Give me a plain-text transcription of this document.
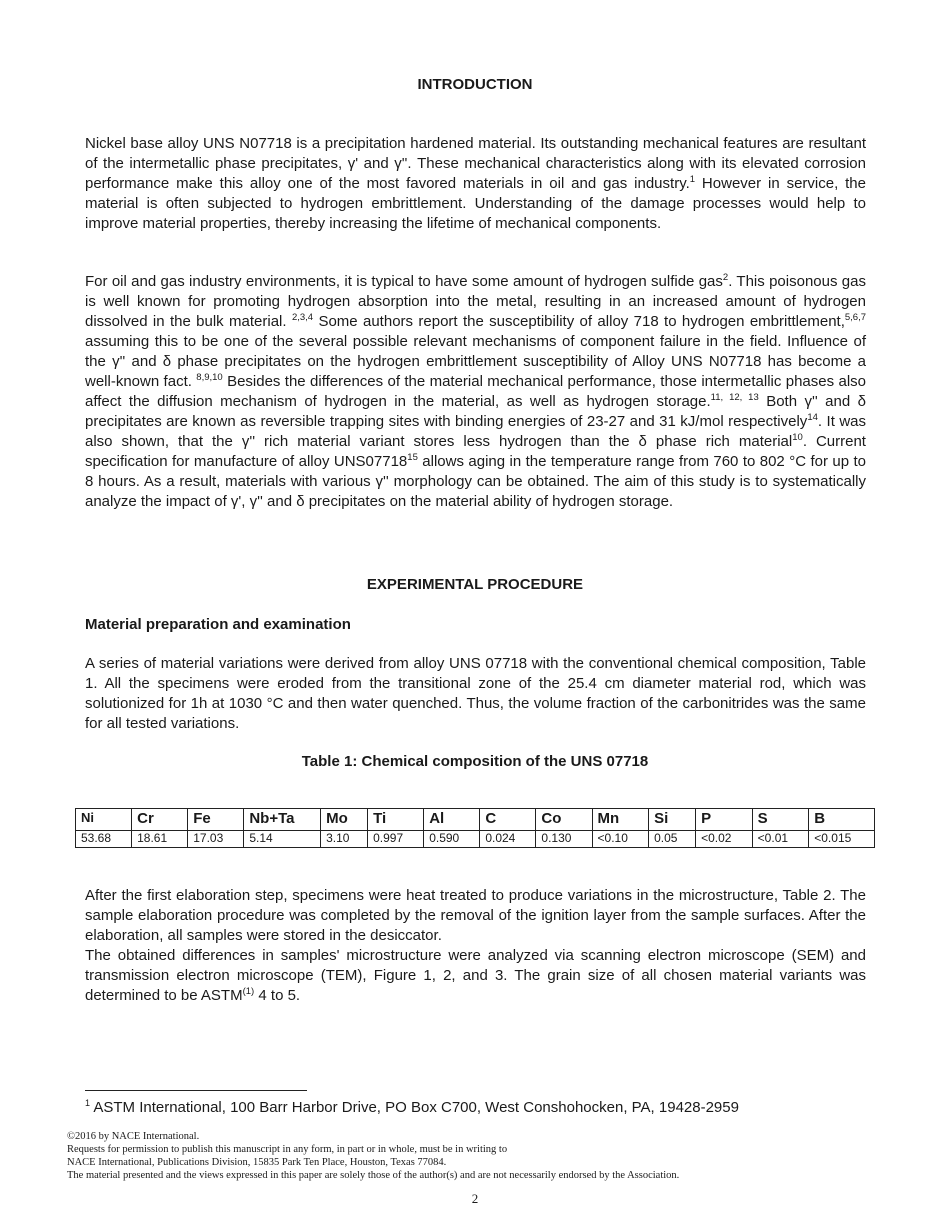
INTRODUCTION
Nickel base alloy UNS N07718 is a precipitation hardened material. Its outstanding mechanical features are resultant of the intermetallic phase precipitates, γ' and γ''. These mechanical characteristics along with its elevated corrosion performance make this alloy one of the most favored materials in oil and gas industry.$^1$ However in service, the material is often subjected to hydrogen embrittlement. Understanding of the damage processes would help to improve material properties, thereby increasing the lifetime of mechanical components.
For oil and gas industry environments, it is typical to have some amount of hydrogen sulfide gas$^2$. This poisonous gas is well known for promoting hydrogen absorption into the metal, resulting in an increased amount of hydrogen dissolved in the bulk material. $^{2,3,4}$ Some authors report the susceptibility of alloy 718 to hydrogen embrittlement,$^{5,6,7}$ assuming this to be one of the several possible relevant mechanisms of component failure in the field. Influence of the γ'' and δ phase precipitates on the hydrogen embrittlement susceptibility of Alloy UNS N07718 has become a well-known fact. $^{8,9,10}$ Besides the differences of the material mechanical performance, those intermetallic phases also affect the diffusion mechanism of hydrogen in the material, as well as hydrogen storage.$^{11, 12, 13}$ Both γ'' and δ precipitates are known as reversible trapping sites with binding energies of 23-27 and 31 kJ/mol respectively$^{14}$. It was also shown, that the γ'' rich material variant stores less hydrogen than the δ phase rich material$^{10}$. Current specification for manufacture of alloy UNS07718$^{15}$ allows aging in the temperature range from 760 to 802 °C for up to 8 hours. As a result, materials with various γ'' morphology can be obtained. The aim of this study is to systematically analyze the impact of γ', γ'' and δ precipitates on the material ability of hydrogen storage.
EXPERIMENTAL PROCEDURE
Material preparation and examination
A series of material variations were derived from alloy UNS 07718 with the conventional chemical composition, Table 1. All the specimens were eroded from the transitional zone of the 25.4 cm diameter material rod, which was solutionized for 1h at 1030 °C and then water quenched. Thus, the volume fraction of the carbonitrides was the same for all tested variations.
Table 1: Chemical composition of the UNS 07718
Ni	Cr	Fe	Nb+Ta	Mo	Ti	Al	C	Co	Mn	Si	P	S	B
53.68	18.61	17.03	5.14	3.10	0.997	0.590	0.024	0.130	<0.10	0.05	<0.02	<0.01	<0.015
After the first elaboration step, specimens were heat treated to produce variations in the microstructure, Table 2. The sample elaboration procedure was completed by the removal of the ignition layer from the sample surfaces. After the elaboration, all samples were stored in the desiccator.
The obtained differences in samples' microstructure were analyzed via scanning electron microscope (SEM) and transmission electron microscope (TEM), Figure 1, 2, and 3. The grain size of all chosen material variants was determined to be ASTM$^{(1)}$ 4 to 5.
$^1$ ASTM International, 100 Barr Harbor Drive, PO Box C700, West Conshohocken, PA, 19428-2959
©2016 by NACE International.
Requests for permission to publish this manuscript in any form, in part or in whole, must be in writing to
NACE International, Publications Division, 15835 Park Ten Place, Houston, Texas 77084.
The material presented and the views expressed in this paper are solely those of the author(s) and are not necessarily endorsed by the Association.
2
